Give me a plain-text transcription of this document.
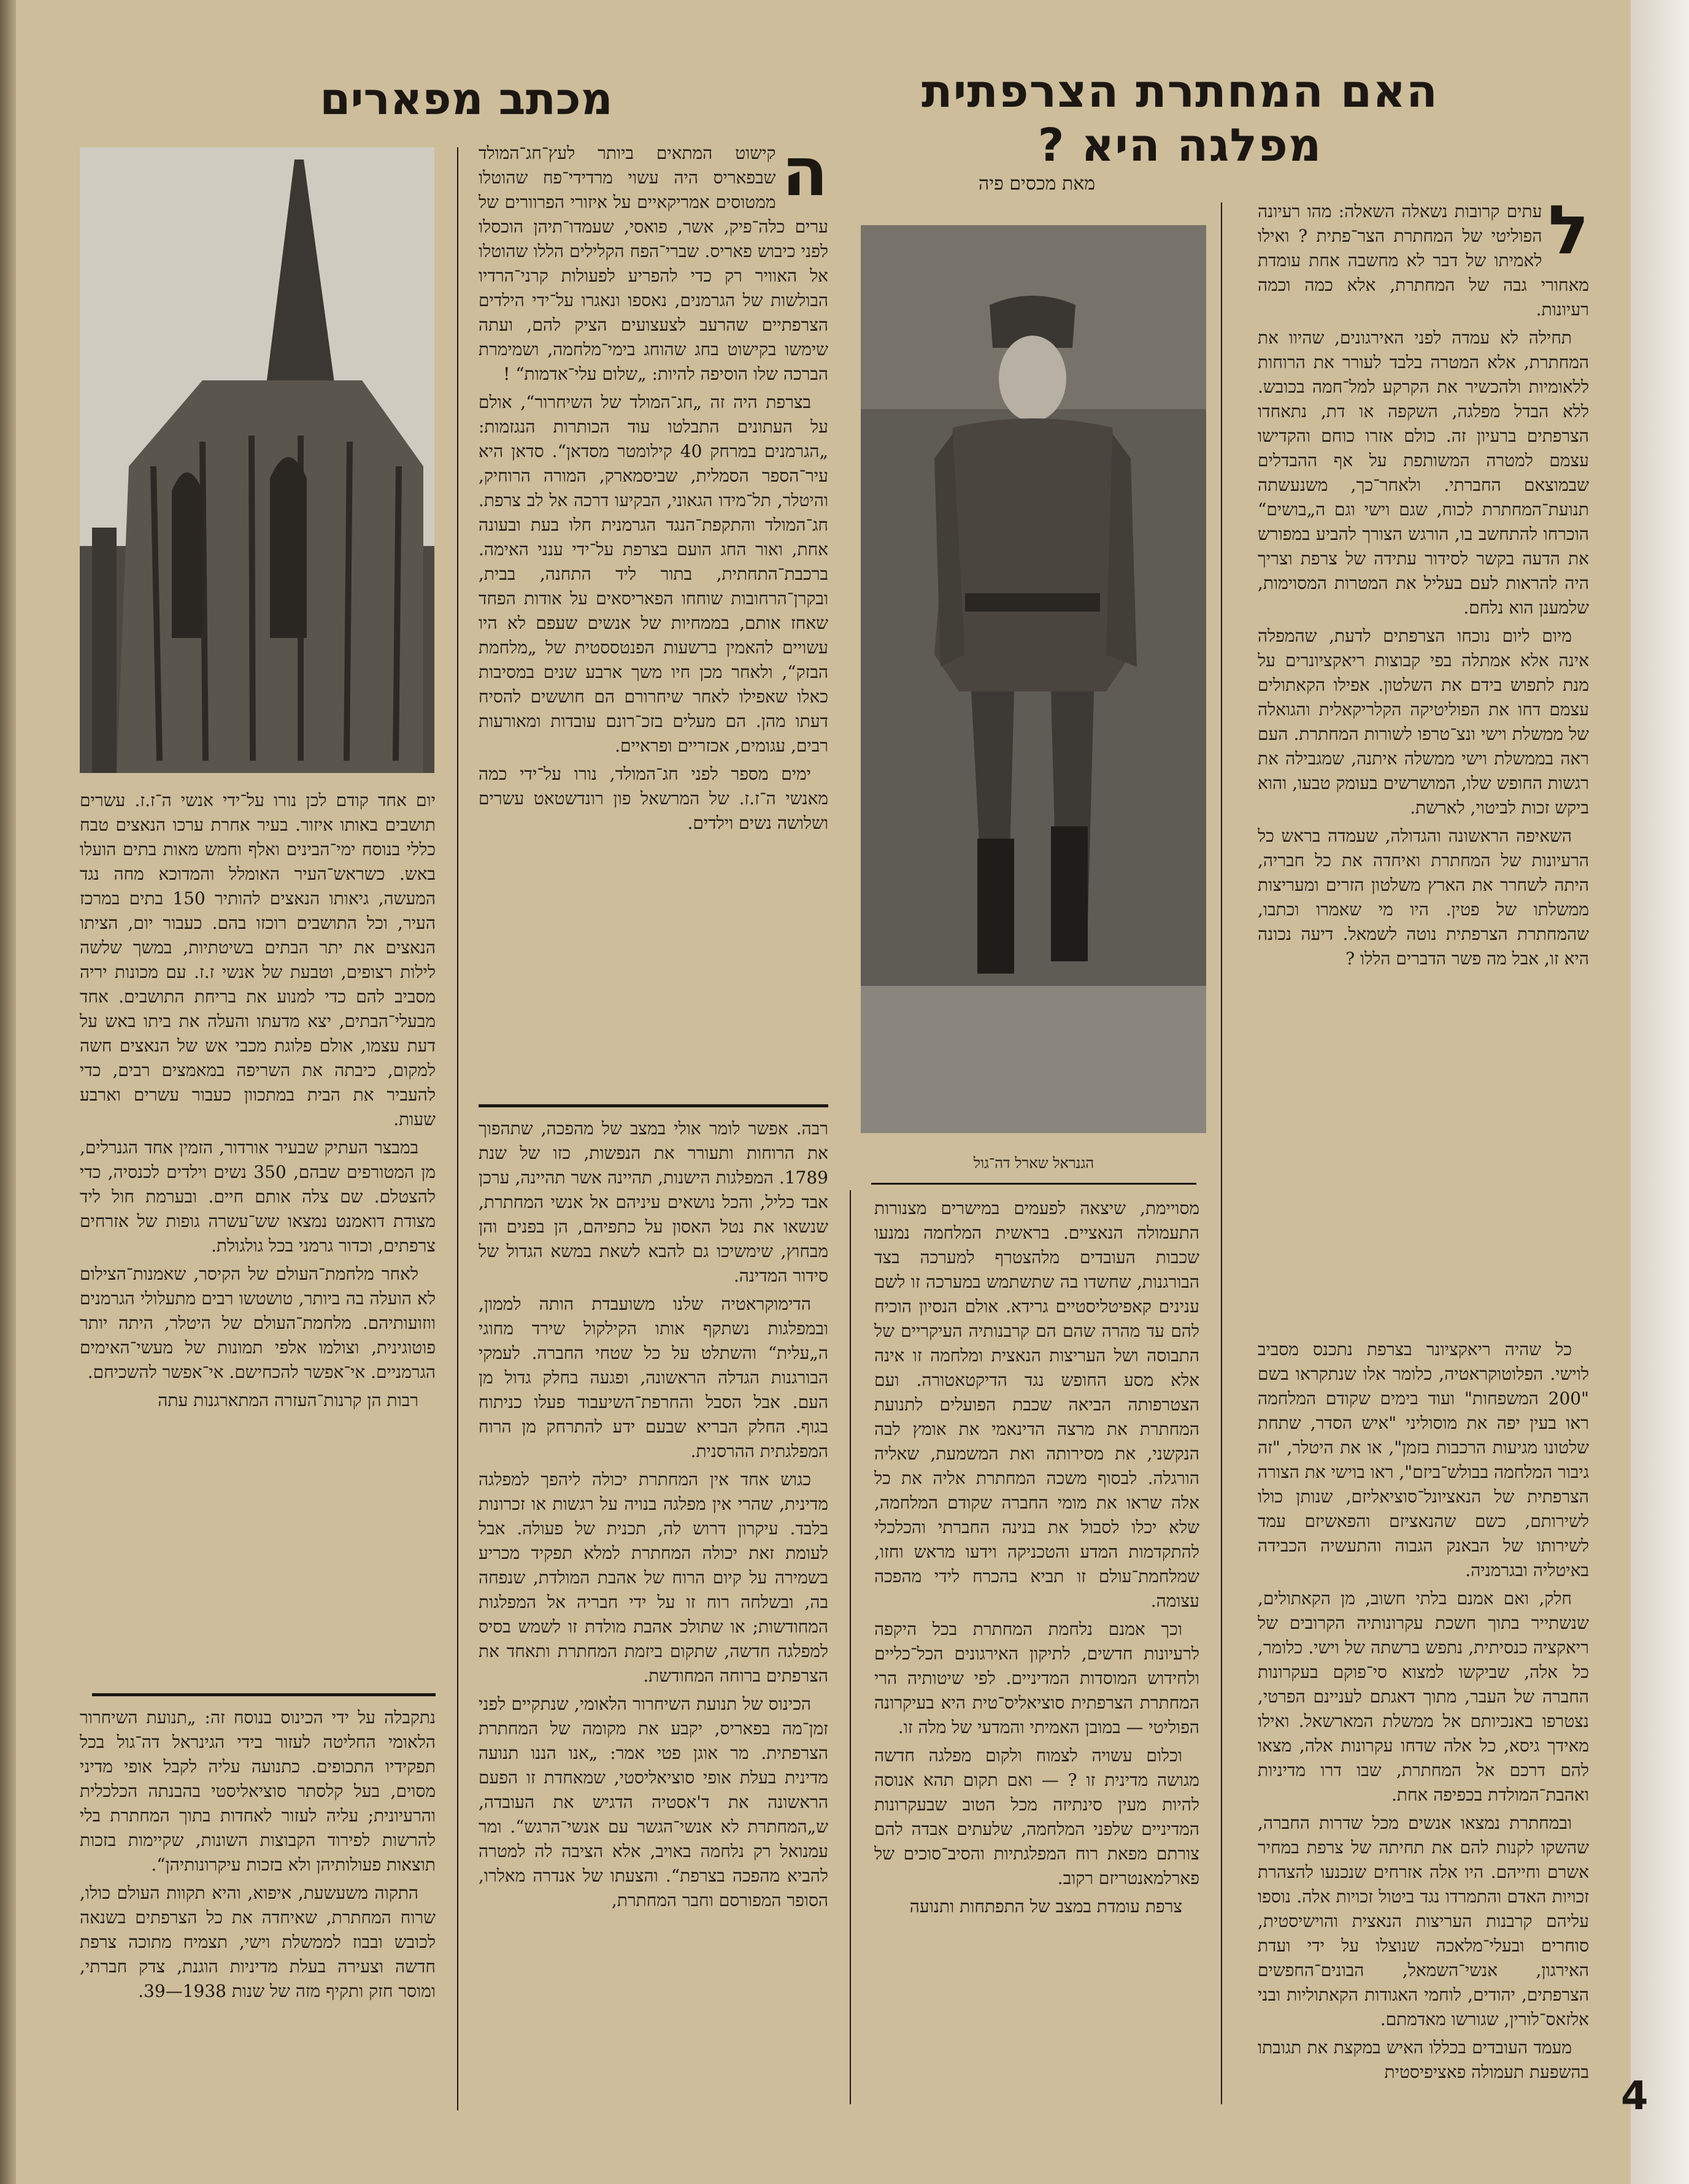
האם המחתרת הצרפתית מפלגה היא ?
מאת מכסים פיה
מכתב מפארים

ל
עתים קרובות נשאלה השאלה: מהו רעיונה הפוליטי של המחתרת הצר־פתית ? ואילו לאמיתו של דבר לא מחשבה אחת עומדת מאחורי גבה של המחתרת, אלא כמה וכמה רעיונות.

תחילה לא עמדה לפני האירגונים, שהיוו את המחתרת, אלא המטרה בלבד לעורר את הרוחות ללאומיות ולהכשיר את הקרקע למל־חמה בכובש. ללא הבדל מפלגה, השקפה או דת, נתאחדו הצרפתים ברעיון זה. כולם אזרו כוחם והקדישו עצמם למטרה המשותפת על אף ההבדלים שבמוצאם החברתי. ולאחר־כך, משנעשתה תנועת־המחתרת לכוח, שגם וישי וגם ה„בושים“ הוכרחו להתחשב בו, הורגש הצורך להביע במפורש את הדעה בקשר לסידור עתידה של צרפת וצריך היה להראות לעם בעליל את המטרות המסוימות, שלמענן הוא נלחם.

מיום ליום נוכחו הצרפתים לדעת, שהמפלה אינה אלא אמתלה בפי קבוצות ריאקציונרים על מנת לתפוש בידם את השלטון. אפילו הקאתולים עצמם דחו את הפוליטיקה הקלריקאלית והגואלה של ממשלת וישי ונצ־טרפו לשורות המחתרת. העם ראה בממשלת וישי ממשלה איתנה, שמגבילה את רגשות החופש שלו, המושרשים בעומק טבעו, והוא ביקש זכות לביטוי, לארשת.

השאיפה הראשונה והגדולה, שעמדה בראש כל הרעיונות של המחתרת ואיחדה את כל חבריה, היתה לשחרר את הארץ משלטון הזרים ומעריצות ממשלתו של פטין. היו מי שאמרו וכתבו, שהמחתרת הצרפתית נוטה לשמאל. דיעה נכונה היא זו, אבל מה פשר הדברים הללו ?

כל שהיה ריאקציונר בצרפת נתכנס מסביב לוישי. הפלוטוקראטיה, כלומר אלו שנתקראו בשם "200 המשפחות" ועוד בימים שקודם המלחמה ראו בעין יפה את מוסוליני "איש הסדר, שתחת שלטונו מגיעות הרכבות בזמן", או את היטלר, "זה גיבור המלחמה בבולש־ביזם", ראו בוישי את הצורה הצרפתית של הנאציונל־סוציאליזם, שנותן כולו לשירותם, כשם שהנאציזם והפאשיזם עמד לשירותו של הבאנק הגבוה והתעשיה הכבידה באיטליה ובגרמניה.

חלק, ואם אמנם בלתי חשוב, מן הקאתולים, שנשתייר בתוך חשכת עקרונותיה הקרובים של ריאקציה כנסיתית, נתפש ברשתה של וישי. כלומר, כל אלה, שביקשו למצוא סי־פוקם בעקרונות החברה של העבר, מתוך דאגתם לעניינם הפרטי, נצטרפו באנכיותם אל ממשלת המארשאל. ואילו מאידך גיסא, כל אלה שדחו עקרונות אלה, מצאו להם דרכם אל המחתרת, שבו דרו מדיניות ואהבת־המולדת בכפיפה אחת.

ובמחתרת נמצאו אנשים מכל שדרות החברה, שהשקו לקנות להם את תחיתה של צרפת במחיר אשרם וחייהם. היו אלה אזרחים שנכנעו להצהרת זכויות האדם והתמרדו נגד ביטול זכויות אלה. נוספו עליהם קרבנות העריצות הנאצית והוישיסטית, סוחרים ובעלי־מלאכה שנוצלו על ידי ועדת האירגון, אנשי־השמאל, הבונים־החפשים הצרפתים, יהודים, לוחמי האגודות הקאתוליות ובני אלזאס־לורין, שגורשו מאדמתם.

מעמד העובדים בכללו האיש במקצת את תגובתו בהשפעת תעמולה פאציפיסטית

הגנראל שארל דה־גול

מסויימת, שיצאה לפעמים במישרים מצנורות התעמולה הנאציים. בראשית המלחמה נמנעו שכבות העובדים מלהצטרף למערכה בצד הבורגנות, שחשדו בה שתשתמש במערכה זו לשם ענינים קאפיטליסטיים גרידא. אולם הנסיון הוכיח להם עד מהרה שהם הם קרבנותיה העיקריים של התבוסה ושל העריצות הנאצית ומלחמה זו אינה אלא מסע החופש נגד הדיקטאטורה. ועם הצטרפותה הביאה שכבת הפועלים לתנועת המחתרת את מרצה הדינאמי את אומץ לבה הנקשני, את מסירותה ואת המשמעת, שאליה הורגלה. לבסוף משכה המחתרת אליה את כל אלה שראו את מומי החברה שקודם המלחמה, שלא יכלו לסבול את בנינה החברתי והכלכלי להתקדמות המדע והטכניקה וידעו מראש וחזו, שמלחמת־עולם זו תביא בהכרח לידי מהפכה עצומה.

וכך אמנם נלחמת המחתרת בכל היקפה לרעיונות חדשים, לתיקון האירגונים הכל־כליים ולחידוש המוסדות המדיניים. לפי שיטותיה הרי המחתרת הצרפתית סוציאליס־טית היא בעיקרונה הפוליטי — במובן האמיתי והמדעי של מלה זו.

וכלום עשויה לצמוח ולקום מפלגה חדשה מגושה מדינית זו ? — ואם תקום תהא אנוסה להיות מעין סינתיזה מכל הטוב שבעקרונות המדיניים שלפני המלחמה, שלעתים אבדה להם צורתם מפאת רוח המפלגתיות והסיב־סוכים של פארלמאנטריזם רקוב.

צרפת עומדת במצב של התפתחות ותנועה

ה
קישוט המתאים ביותר לעץ־חג־המולד שבפאריס היה עשוי מרדידי־פח שהוטלו ממטוסים אמריקאיים על איזורי הפרוורים של ערים כלה־פיק, אשר, פואסי, שעמדו־תיהן הוכסלו לפני כיבוש פאריס. שברי־הפח הקלילים הללו שהוטלו אל האוויר רק כדי להפריע לפעולות קרני־הרדיו הבולשות של הגרמנים, נאספו ונאגרו על־ידי הילדים הצרפתיים שהרעב לצעצועים הציק להם, ועתה שימשו בקישוט בחג שהוחג בימי־מלחמה, ושמימרת הברכה שלו הוסיפה להיות: „שלום עלי־אדמות“ !

בצרפת היה זה „חג־המולד של השיחרור“, אולם על העתונים התבלטו עוד הכותרות הנגזמות: „הגרמנים במרחק 40 קילומטר מסדאן“. סדאן היא עיר־הספר הסמלית, שביסמארק, המורה הרוחיק, והיטלר, תל־מידו הגאוני, הבקיעו דרכה אל לב צרפת. חג־המולד והתקפת־הנגד הגרמנית חלו בעת ובעונה אחת, ואור החג הועם בצרפת על־ידי ענני האימה. ברכבת־התחתית, בתור ליד התחנה, בבית, ובקרן־הרחובות שוחחו הפאריסאים על אודות הפחד שאחז אותם, בממחיות של אנשים שעפם לא היו עשויים להאמין ברשעות הפנטססטית של „מלחמת הבזק“, ולאחר מכן חיו משך ארבע שנים במסיבות כאלו שאפילו לאחר שיחרורם הם חוששים להסיח דעתו מהן. הם מעלים בזכ־רונם עובדות ומאורעות רבים, עגומים, אכזריים ופראיים.

ימים מספר לפני חג־המולד, נורו על־ידי כמה מאנשי ה־ז.ז. של המרשאל פון רונדשטאט עשרים ושלושה נשים וילדים.

רבה. אפשר לומר אולי במצב של מהפכה, שתהפוך את הרוחות ותעורר את הנפשות, כזו של שנת 1789. המפלגות הישנות, תהיינה אשר תהיינה, ערכן אבד כליל, והכל נושאים עיניהם אל אנשי המחתרת, שנשאו את נטל האסון על כתפיהם, הן בפנים והן מבחוץ, שימשיכו גם להבא לשאת במשא הגדול של סידור המדינה.

הדימוקראטיה שלנו משועבדת הותה לממון, ובמפלגות נשתקף אותו הקילקול שירד מחוגי ה„עלית“ והשתלט על כל שטחי החברה. לעמקי הבורגנות הגדלה הראשונה, ופגעה בחלק גדול מן העם. אבל הסבל והחרפת־השיעבוד פעלו כניתוח בגוף. החלק הבריא שבעם ידע להתרחק מן הרוח המפלגתית ההרסנית.

כגוש אחד אין המחתרת יכולה ליהפך למפלגה מדינית, שהרי אין מפלגה בנויה על רגשות או זכרונות בלבד. עיקרון דרוש לה, תכנית של פעולה. אבל לעומת זאת יכולה המחתרת למלא תפקיד מכריע בשמירה על קיום הרוח של אהבת המולדת, שנפחה בה, ובשלחה רוח זו על ידי חבריה אל המפלגות המחודשות; או שתולכ אהבת מולדת זו לשמש בסיס למפלגה חדשה, שתקום ביזמת המחתרת ותאחד את הצרפתים ברוחה המחודשת.

הכינוס של תנועת השיחרור הלאומי, שנתקיים לפני זמן־מה בפאריס, יקבע את מקומה של המחתרת הצרפתית. מר אוגן פטי אמר: „אנו הננו תנועה מדינית בעלת אופי סוציאליסטי, שמאחדת זו הפעם הראשונה את ד'אסטיה הדגיש את העובדה, ש„המחתרת לא אנשי־הגשר עם אנשי־הרגש“. ומר עמנואל רק נלחמה באויב, אלא הציבה לה למטרה להביא מהפכה בצרפת“. והצעתו של אנדרה מאלרו, הסופר המפורסם וחבר המחתרת,

יום אחד קודם לכן נורו על־ידי אנשי ה־ז.ז. עשרים תושבים באותו איזור. בעיר אחרת ערכו הנאצים טבח כללי בנוסח ימי־הבינים ואלף וחמש מאות בתים הועלו באש. כשראש־העיר האומלל והמדוכא מחה נגד המעשה, גיאותו הנאצים להותיר 150 בתים במרכז העיר, וכל התושבים רוכזו בהם. כעבור יום, הציתו הנאצים את יתר הבתים בשיטתיות, במשך שלשה לילות רצופים, וטבעת של אנשי ז.ז. עם מכונות יריה מסביב להם כדי למנוע את בריחת התושבים. אחד מבעלי־הבתים, יצא מדעתו והעלה את ביתו באש על דעת עצמו, אולם פלוגת מכבי אש של הנאצים חשה למקום, כיבתה את השריפה במאמצים רבים, כדי להעביר את הבית במתכוון כעבור עשרים וארבע שעות.

במבצר העתיק שבעיר אורדור, הזמין אחד הגנרלים, מן המטורפים שבהם, 350 נשים וילדים לכנסיה, כדי להצטלם. שם צלה אותם חיים. ובערמת חול ליד מצודת דואמנט נמצאו שש־עשרה גופות של אזרחים צרפתים, וכדור גרמני בכל גולגולת.

לאחר מלחמת־העולם של הקיסר, שאמנות־הצילום לא הועלה בה ביותר, טושטשו רבים מתעלולי הגרמנים ווזועותיהם. מלחמת־העולם של היטלר, היתה יותר פוטוגינית, וצולמו אלפי תמונות של מעשי־האימים הגרמניים. אי־אפשר להכחישם. אי־אפשר להשכיחם.

רבות הן קרנות־העזרה המתארגנות עתה

נתקבלה על ידי הכינוס בנוסח זה: „תנועת השיחרור הלאומי החליטה לעזור בידי הגינראל דה־גול בכל תפקידיו התכופים. כתנועה עליה לקבל אופי מדיני מסוים, בעל קלסתר סוציאליסטי בהבנתה הכלכלית והרעיונית; עליה לעזור לאחדות בתוך המחתרת בלי להרשות לפירוד הקבוצות השונות, שקיימות בזכות תוצאות פעולותיהן ולא בזכות עיקרונותיהן“.

התקוה משעשעת, איפוא, והיא תקוות העולם כולו, שרוח המחתרת, שאיחדה את כל הצרפתים בשנאה לכובש ובבוז לממשלת וישי, תצמיח מתוכה צרפת חדשה וצעירה בעלת מדיניות הוגנת, צדק חברתי, ומוסר חזק ותקיף מזה של שנות 1938—39.

4
